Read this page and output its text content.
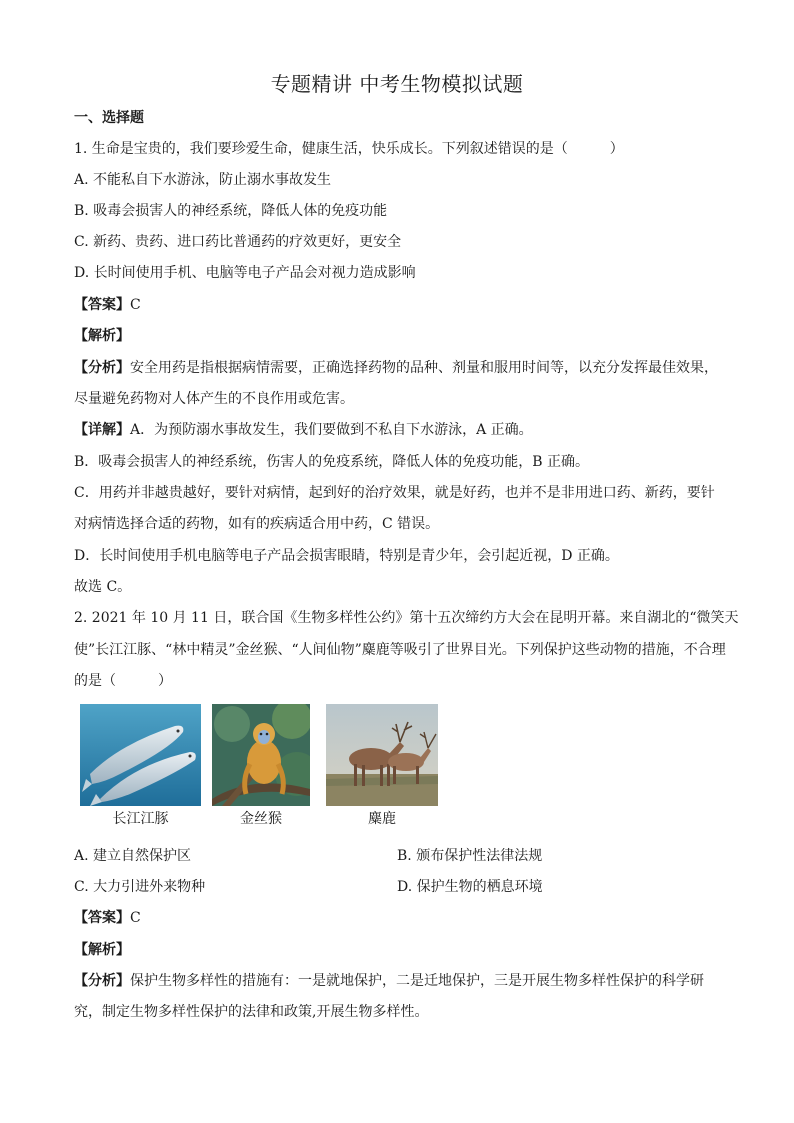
专题精讲 中考生物模拟试题
一、选择题
1. 生命是宝贵的，我们要珍爱生命，健康生活，快乐成长。下列叙述错误的是（　　　）
A. 不能私自下水游泳，防止溺水事故发生
B. 吸毒会损害人的神经系统，降低人体的免疫功能
C. 新药、贵药、进口药比普通药的疗效更好，更安全
D. 长时间使用手机、电脑等电子产品会对视力造成影响
【答案】C
【解析】
【分析】安全用药是指根据病情需要，正确选择药物的品种、剂量和服用时间等，以充分发挥最佳效果，
尽量避免药物对人体产生的不良作用或危害。
【详解】A．为预防溺水事故发生，我们要做到不私自下水游泳，A 正确。
B．吸毒会损害人的神经系统，伤害人的免疫系统，降低人体的免疫功能，B 正确。
C．用药并非越贵越好，要针对病情，起到好的治疗效果，就是好药，也并不是非用进口药、新药，要针
对病情选择合适的药物，如有的疾病适合用中药，C 错误。
D．长时间使用手机电脑等电子产品会损害眼睛，特别是青少年，会引起近视，D 正确。
故选 C。
2. 2021 年 10 月 11 日，联合国《生物多样性公约》第十五次缔约方大会在昆明开幕。来自湖北的“微笑天
使”长江江豚、“林中精灵”金丝猴、“人间仙物”麋鹿等吸引了世界目光。下列保护这些动物的措施，不合理
的是（　　　）
长江江豚	金丝猴	麋鹿
A. 建立自然保护区	B. 颁布保护性法律法规
C. 大力引进外来物种	D. 保护生物的栖息环境
【答案】C
【解析】
【分析】保护生物多样性的措施有：一是就地保护，二是迁地保护，三是开展生物多样性保护的科学研
究，制定生物多样性保护的法律和政策,开展生物多样性。
